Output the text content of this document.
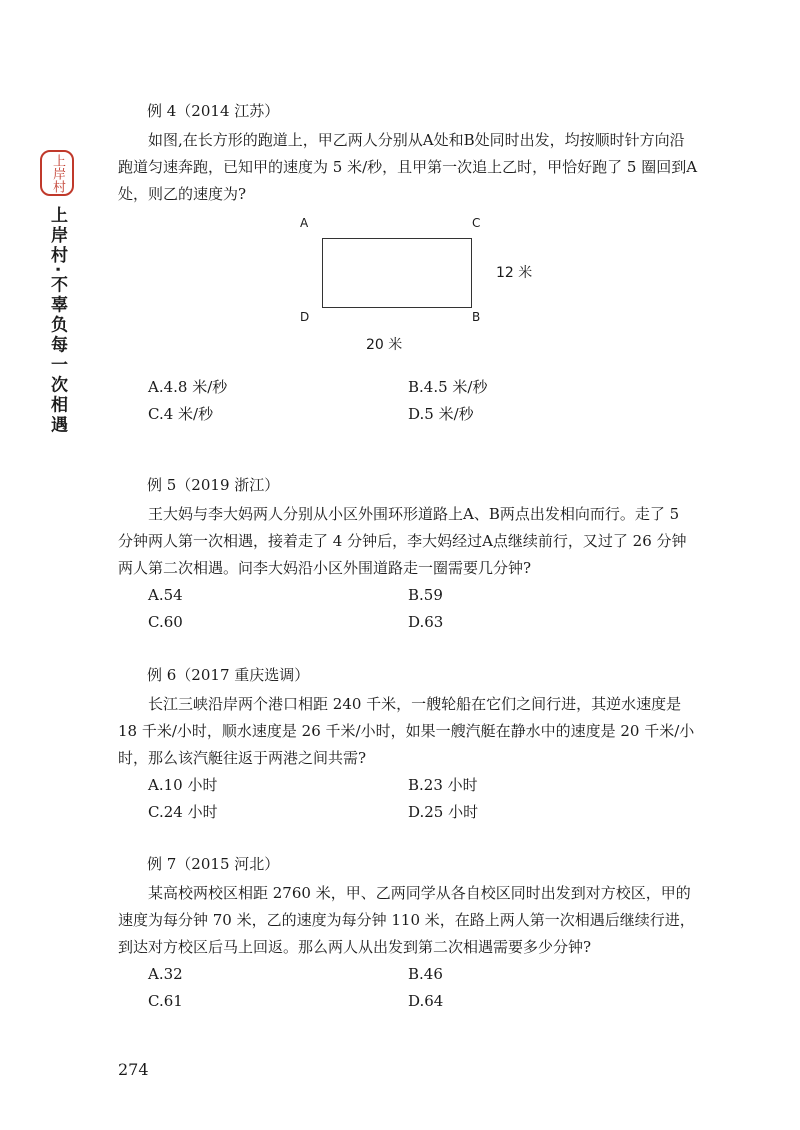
上岸村
上岸村·不辜负每一次相遇
例 4（2014 江苏）

如图,在长方形的跑道上，甲乙两人分别从A处和B处同时出发，均按顺时针方向沿跑道匀速奔跑，已知甲的速度为 5 米/秒，且甲第一次追上乙时，甲恰好跑了 5 圈回到A处，则乙的速度为?

A	C
D	B
12 米
20 米
A.4.8 米/秒	B.4.5 米/秒
C.4 米/秒	D.5 米/秒
例 5（2019 浙江）

王大妈与李大妈两人分别从小区外围环形道路上A、B两点出发相向而行。走了 5 分钟两人第一次相遇，接着走了 4 分钟后，李大妈经过A点继续前行，又过了 26 分钟两人第二次相遇。问李大妈沿小区外围道路走一圈需要几分钟?

A.54	B.59
C.60	D.63
例 6（2017 重庆选调）

长江三峡沿岸两个港口相距 240 千米，一艘轮船在它们之间行进，其逆水速度是 18 千米/小时，顺水速度是 26 千米/小时，如果一艘汽艇在静水中的速度是 20 千米/小时，那么该汽艇往返于两港之间共需?

A.10 小时	B.23 小时
C.24 小时	D.25 小时
例 7（2015 河北）

某高校两校区相距 2760 米，甲、乙两同学从各自校区同时出发到对方校区，甲的速度为每分钟 70 米，乙的速度为每分钟 110 米，在路上两人第一次相遇后继续行进，到达对方校区后马上回返。那么两人从出发到第二次相遇需要多少分钟?

A.32	B.46
C.61	D.64
274
